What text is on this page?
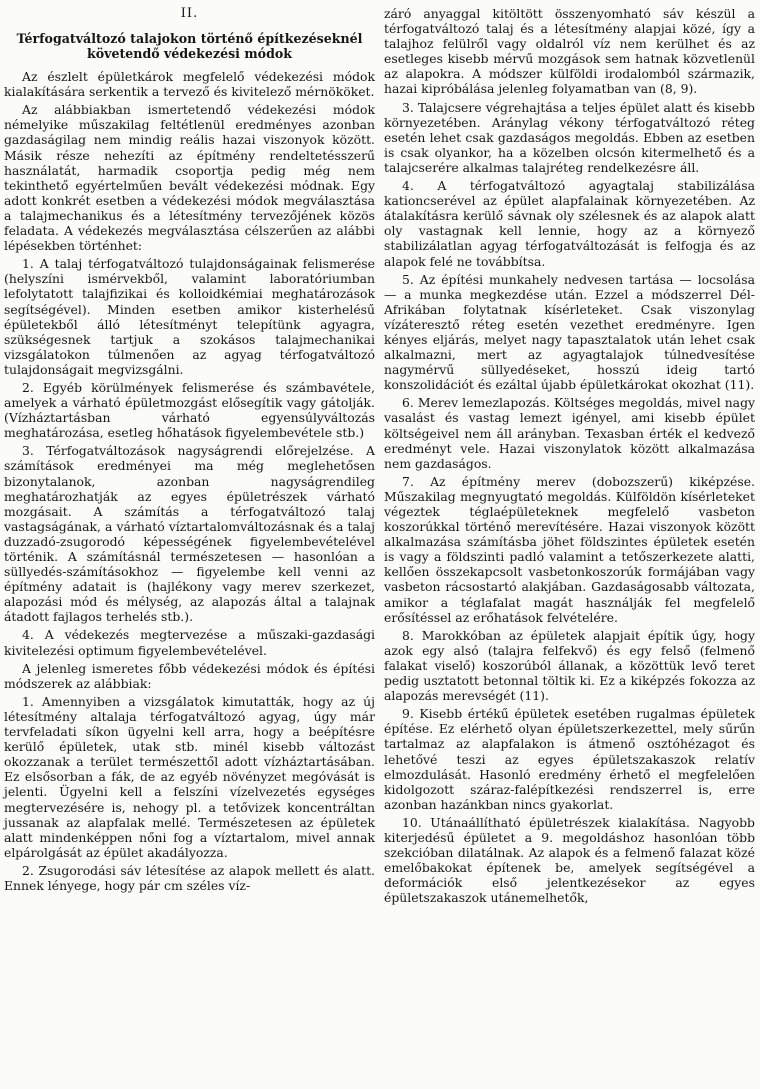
II.
Térfogatváltozó talajokon történő építkezéseknél követendő védekezési módok

Az észlelt épületkárok megfelelő védekezési módok kialakítására serkentik a tervező és kivitelező mérnököket.

Az alábbiakban ismertetendő védekezési módok némelyike műszakilag feltétlenül eredményes azonban gazdaságilag nem mindig reális hazai viszonyok között. Másik része nehezíti az építmény rendeltetésszerű használatát, harmadik csoportja pedig még nem tekinthető egyértelműen bevált védekezési módnak. Egy adott konkrét esetben a védekezési módok megválasztása a talajmechanikus és a létesítmény tervezőjének közös feladata. A védekezés megválasztása célszerűen az alábbi lépésekben történhet:

1. A talaj térfogatváltozó tulajdonságainak felismerése (helyszíni ismérvekből, valamint laboratóriumban lefolytatott talajfizikai és kolloidkémiai meghatározások segítségével). Minden esetben amikor kisterhelésű épületekből álló létesítményt telepítünk agyagra, szükségesnek tartjuk a szokásos talajmechanikai vizsgálatokon túlmenően az agyag térfogatváltozó tulajdonságait megvizsgálni.

2. Egyéb körülmények felismerése és számbavétele, amelyek a várható épületmozgást elősegítik vagy gátolják. (Vízháztartásban várható egyensúlyváltozás meghatározása, esetleg hőhatások figyelembevétele stb.)

3. Térfogatváltozások nagyságrendi előrejelzése. A számítások eredményei ma még meglehetősen bizonytalanok, azonban nagyságrendileg meghatározhatják az egyes épületrészek várható mozgásait. A számítás a térfogatváltozó talaj vastagságának, a várható víztartalomváltozásnak és a talaj duzzadó-zsugorodó képességének figyelembevételével történik. A számításnál természetesen — hasonlóan a süllyedés-számításokhoz — figyelembe kell venni az építmény adatait is (hajlékony vagy merev szerkezet, alapozási mód és mélység, az alapozás által a talajnak átadott fajlagos terhelés stb.).

4. A védekezés megtervezése a műszaki-gazdasági kivitelezési optimum figyelembevételével.

A jelenleg ismeretes főbb védekezési módok és építési módszerek az alábbiak:

1. Amennyiben a vizsgálatok kimutatták, hogy az új létesítmény altalaja térfogatváltozó agyag, úgy már tervfeladati síkon ügyelni kell arra, hogy a beépítésre kerülő épületek, utak stb. minél kisebb változást okozzanak a terület természettől adott vízháztartásában. Ez elsősorban a fák, de az egyéb növényzet megóvását is jelenti. Ügyelni kell a felszíni vízelvezetés egységes megtervezésére is, nehogy pl. a tetővizek koncentráltan jussanak az alapfalak mellé. Természetesen az épületek alatt mindenképpen nőni fog a víztartalom, mivel annak elpárolgását az épület akadályozza.

2. Zsugorodási sáv létesítése az alapok mellett és alatt. Ennek lényege, hogy pár cm széles víz-

záró anyaggal kitöltött összenyomható sáv készül a térfogatváltozó talaj és a létesítmény alapjai közé, így a talajhoz felülről vagy oldalról víz nem kerülhet és az esetleges kisebb mérvű mozgások sem hatnak közvetlenül az alapokra. A módszer külföldi irodalomból származik, hazai kipróbálása jelenleg folyamatban van (8, 9).

3. Talajcsere végrehajtása a teljes épület alatt és kisebb környezetében. Aránylag vékony térfogatváltozó réteg esetén lehet csak gazdaságos megoldás. Ebben az esetben is csak olyankor, ha a közelben olcsón kitermelhető és a talajcserére alkalmas talajréteg rendelkezésre áll.

4. A térfogatváltozó agyagtalaj stabilizálása kationcserével az épület alapfalainak környezetében. Az átalakításra kerülő sávnak oly szélesnek és az alapok alatt oly vastagnak kell lennie, hogy az a környező stabilizálatlan agyag térfogatváltozását is felfogja és az alapok felé ne továbbítsa.

5. Az építési munkahely nedvesen tartása — locsolása — a munka megkezdése után. Ezzel a módszerrel Dél-Afrikában folytatnak kísérleteket. Csak viszonylag vízáteresztő réteg esetén vezethet eredményre. Igen kényes eljárás, melyet nagy tapasztalatok után lehet csak alkalmazni, mert az agyagtalajok túlnedvesítése nagymérvű süllyedéseket, hosszú ideig tartó konszolidációt és ezáltal újabb épületkárokat okozhat (11).

6. Merev lemezlapozás. Költséges megoldás, mivel nagy vasalást és vastag lemezt igényel, ami kisebb épület költségeivel nem áll arányban. Texasban érték el kedvező eredményt vele. Hazai viszonylatok között alkalmazása nem gazdaságos.

7. Az építmény merev (dobozszerű) kiképzése. Műszakilag megnyugtató megoldás. Külföldön kísérleteket végeztek téglaépületeknek megfelelő vasbeton koszorúkkal történő merevítésére. Hazai viszonyok között alkalmazása számításba jöhet földszintes épületek esetén is vagy a földszinti padló valamint a tetőszerkezete alatti, kellően összekapcsolt vasbetonkoszorúk formájában vagy vasbeton rácsostartó alakjában. Gazdaságosabb változata, amikor a téglafalat magát használják fel megfelelő erősítéssel az erőhatások felvételére.

8. Marokkóban az épületek alapjait építik úgy, hogy azok egy alsó (talajra felfekvő) és egy felső (felmenő falakat viselő) koszorúból állanak, a közöttük levő teret pedig usztatott betonnal töltik ki. Ez a kiképzés fokozza az alapozás merevségét (11).

9. Kisebb értékű épületek esetében rugalmas épületek építése. Ez elérhető olyan épületszerkezettel, mely sűrűn tartalmaz az alapfalakon is átmenő osztóhézagot és lehetővé teszi az egyes épületszakaszok relatív elmozdulását. Hasonló eredmény érhető el megfelelően kidolgozott száraz-falépítkezési rendszerrel is, erre azonban hazánkban nincs gyakorlat.

10. Utánaállítható épületrészek kialakítása. Nagyobb kiterjedésű épületet a 9. megoldáshoz hasonlóan több szekcióban dilatálnak. Az alapok és a felmenő falazat közé emelőbakokat építenek be, amelyek segítségével a deformációk első jelentkezésekor az egyes épületszakaszok utánemelhetők,
